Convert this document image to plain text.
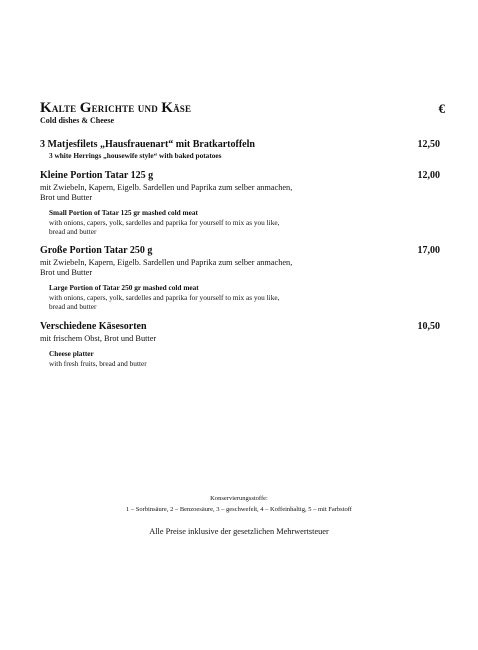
Kalte Gerichte und Käse	€
Cold dishes & Cheese
3 Matjesfilets „Hausfrauenart“ mit Bratkartoffeln	12,50
3 white Herrings „housewife style“ with baked potatoes
Kleine Portion Tatar 125 g	12,00
mit Zwiebeln, Kapern, Eigelb. Sardellen und Paprika zum selber anmachen,
Brot und Butter
Small Portion of Tatar 125 gr mashed cold meat
with onions, capers, yolk, sardelles and paprika for yourself to mix as you like,
bread and butter
Große Portion Tatar 250 g	17,00
mit Zwiebeln, Kapern, Eigelb. Sardellen und Paprika zum selber anmachen,
Brot und Butter
Large Portion of Tatar 250 gr mashed cold meat
with onions, capers, yolk, sardelles and paprika for yourself to mix as you like,
bread and butter
Verschiedene Käsesorten	10,50
mit frischem Obst, Brot und Butter
Cheese platter
with fresh fruits, bread and butter
Konservierungsstoffe:
1 – Sorbinsäure, 2 – Benzoesäure, 3 – geschwefelt, 4 – Koffeinhaltig, 5 – mit Farbstoff
Alle Preise inklusive der gesetzlichen Mehrwertsteuer
